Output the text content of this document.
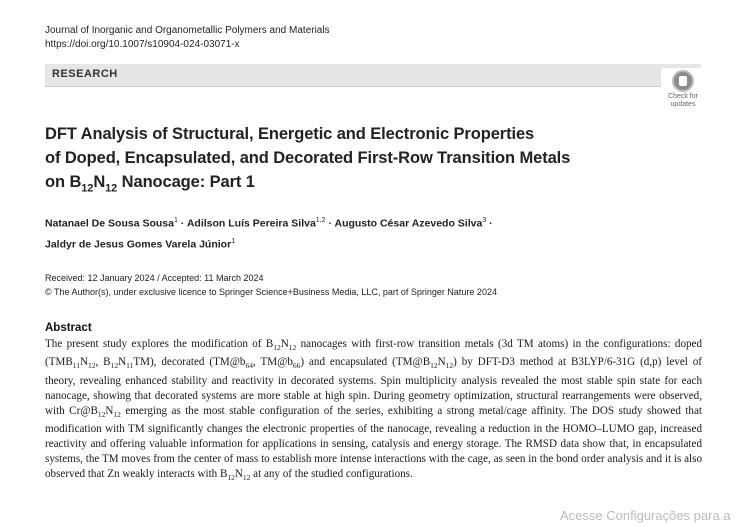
Journal of Inorganic and Organometallic Polymers and Materials
https://doi.org/10.1007/s10904-024-03071-x
RESEARCH
Check for
updates
DFT Analysis of Structural, Energetic and Electronic Properties
of Doped, Encapsulated, and Decorated First-Row Transition Metals
on $B_{12}N_{12}$ Nanocage: Part 1
Natanael De Sousa Sousa$^1$ · Adilson Luís Pereira Silva$^{1,2}$ · Augusto César Azevedo Silva$^3$ ·
Jaldyr de Jesus Gomes Varela Júnior$^1$
Received: 12 January 2024 / Accepted: 11 March 2024
© The Author(s), under exclusive licence to Springer Science+Business Media, LLC, part of Springer Nature 2024
Abstract
The present study explores the modification of $B_{12}N_{12}$ nanocages with first-row transition metals (3d TM atoms) in the configurations: doped ($TMB_{11}N_{12}$, $B_{12}N_{11}TM$), decorated ($TM@b_{64}$, $TM@b_{66}$) and encapsulated $(TM@B_{12}N_{12})$ by DFT-D3 method at B3LYP/6-31G (d,p) level of theory, revealing enhanced stability and reactivity in decorated systems. Spin multiplicity analysis revealed the most stable spin state for each nanocage, showing that decorated systems are more stable at high spin. During geometry optimization, structural rearrangements were observed, with $Cr@B_{12}N_{12}$ emerging as the most stable configuration of the series, exhibiting a strong metal/cage affinity. The DOS study showed that modification with TM significantly changes the electronic properties of the nanocage, revealing a reduction in the HOMO–LUMO gap, increased reactivity and offering valuable information for applications in sensing, catalysis and energy storage. The RMSD data show that, in encapsulated systems, the TM moves from the center of mass to establish more intense interactions with the cage, as seen in the bond order analysis and it is also observed that Zn weakly interacts with $B_{12}N_{12}$ at any of the studied configurations.
Acesse Configurações para a
